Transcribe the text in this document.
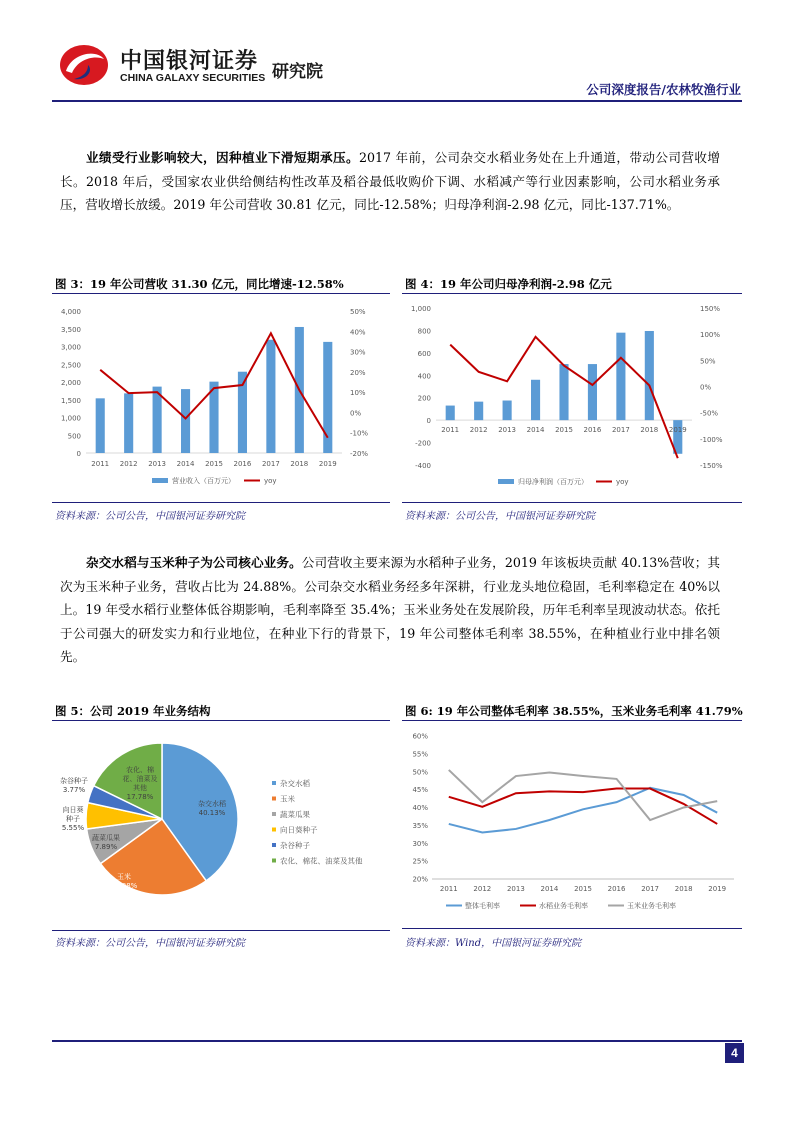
中国银河证券
CHINA GALAXY SECURITIES 研究院
公司深度报告/农林牧渔行业
业绩受行业影响较大，因种植业下滑短期承压。2017 年前，公司杂交水稻业务处在上升通道，带动公司营收增长。2018 年后，受国家农业供给侧结构性改革及稻谷最低收购价下调、水稻减产等行业因素影响，公司水稻业务承压，营收增长放缓。2019 年公司营收 30.81 亿元，同比-12.58%；归母净利润-2.98 亿元，同比-137.71%。
图 3：19 年公司营收 31.30 亿元，同比增速-12.58%
0
500
1,000
1,500
2,000
2,500
3,000
3,500
4,000
-20%
-10%
0%
10%
20%
30%
40%
50%
2011 2012 2013 2014 2015 2016 2017 2018 2019
营业收入（百万元）	yoy
资料来源：公司公告，中国银河证券研究院
图 4：19 年公司归母净利润-2.98 亿元
-400
-200
0
200
400
600
800
1,000
-150%
-100%
-50%
0%
50%
100%
150%
2011 2012 2013 2014 2015 2016 2017 2018 2019
归母净利润（百万元）	yoy
资料来源：公司公告，中国银河证券研究院
杂交水稻与玉米种子为公司核心业务。公司营收主要来源为水稻种子业务，2019 年该板块贡献 40.13%营收；其次为玉米种子业务，营收占比为 24.88%。公司杂交水稻业务经多年深耕，行业龙头地位稳固，毛利率稳定在 40%以上。19 年受水稻行业整体低谷期影响，毛利率降至 35.4%；玉米业务处在发展阶段，历年毛利率呈现波动状态。依托于公司强大的研发实力和行业地位，在种业下行的背景下，19 年公司整体毛利率 38.55%，在种植业行业中排名领先。
图 5：公司 2019 年业务结构
杂交水稻
40.13%
玉米
24.88%
蔬菜瓜果
7.89%
向日葵
种子
5.55%
杂谷种子
3.77%
农化、棉
花、油菜及
其他
17.78%
杂交水稻
玉米
蔬菜瓜果
向日葵种子
杂谷种子
农化、棉花、油菜及其他
资料来源：公司公告，中国银河证券研究院
图 6: 19 年公司整体毛利率 38.55%，玉米业务毛利率 41.79%
20%
25%
30%
35%
40%
45%
50%
55%
60%
2011 2012 2013 2014 2015 2016 2017 2018 2019
整体毛利率	水稻业务毛利率	玉米业务毛利率
资料来源：Wind，中国银河证券研究院
4
